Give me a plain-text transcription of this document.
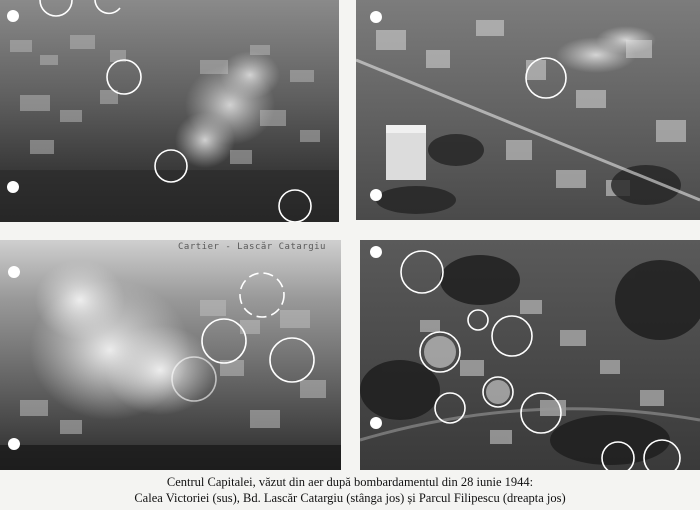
Cartier - Lascăr Catargiu
Centrul Capitalei, văzut din aer după bombardamentul din 28 iunie 1944:
Calea Victoriei (sus), Bd. Lascăr Catargiu (stânga jos) și Parcul Filipescu (dreapta jos)
